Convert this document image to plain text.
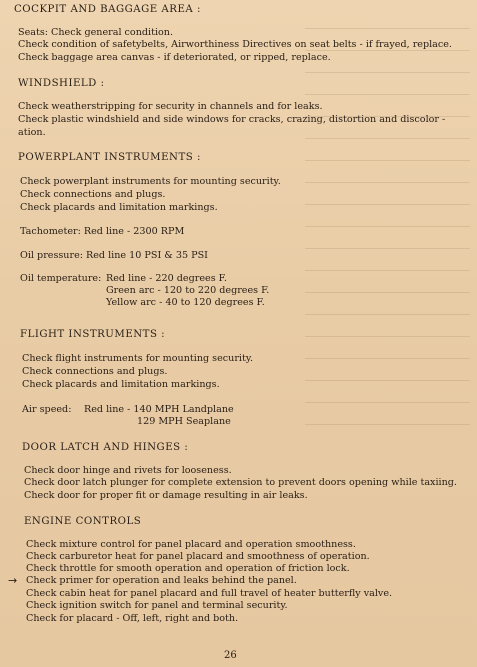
COCKPIT AND BAGGAGE AREA :
Seats: Check general condition.
Check condition of safetybelts, Airworthiness Directives on seat belts - if frayed, replace.
Check baggage area canvas - if deteriorated, or ripped, replace.
WINDSHIELD :
Check weatherstripping for security in channels and for leaks.
Check plastic windshield and side windows for cracks, crazing, distortion and discolor -
ation.
POWERPLANT INSTRUMENTS :
Check powerplant instruments for mounting security.
Check connections and plugs.
Check placards and limitation markings.
Tachometer: Red line - 2300 RPM
Oil pressure: Red line 10 PSI & 35 PSI
Oil temperature: Red line - 220 degrees F.
Green arc - 120 to 220 degrees F.
Yellow arc - 40 to 120 degrees F.
FLIGHT INSTRUMENTS :
Check flight instruments for mounting security.
Check connections and plugs.
Check placards and limitation markings.
Air speed: Red line - 140 MPH Landplane
129 MPH Seaplane
DOOR LATCH AND HINGES :
Check door hinge and rivets for looseness.
Check door latch plunger for complete extension to prevent doors opening while taxiing.
Check door for proper fit or damage resulting in air leaks.
ENGINE CONTROLS
Check mixture control for panel placard and operation smoothness.
Check carburetor heat for panel placard and smoothness of operation.
Check throttle for smooth operation and operation of friction lock.
→ Check primer for operation and leaks behind the panel.
Check cabin heat for panel placard and full travel of heater butterfly valve.
Check ignition switch for panel and terminal security.
Check for placard - Off, left, right and both.
26
